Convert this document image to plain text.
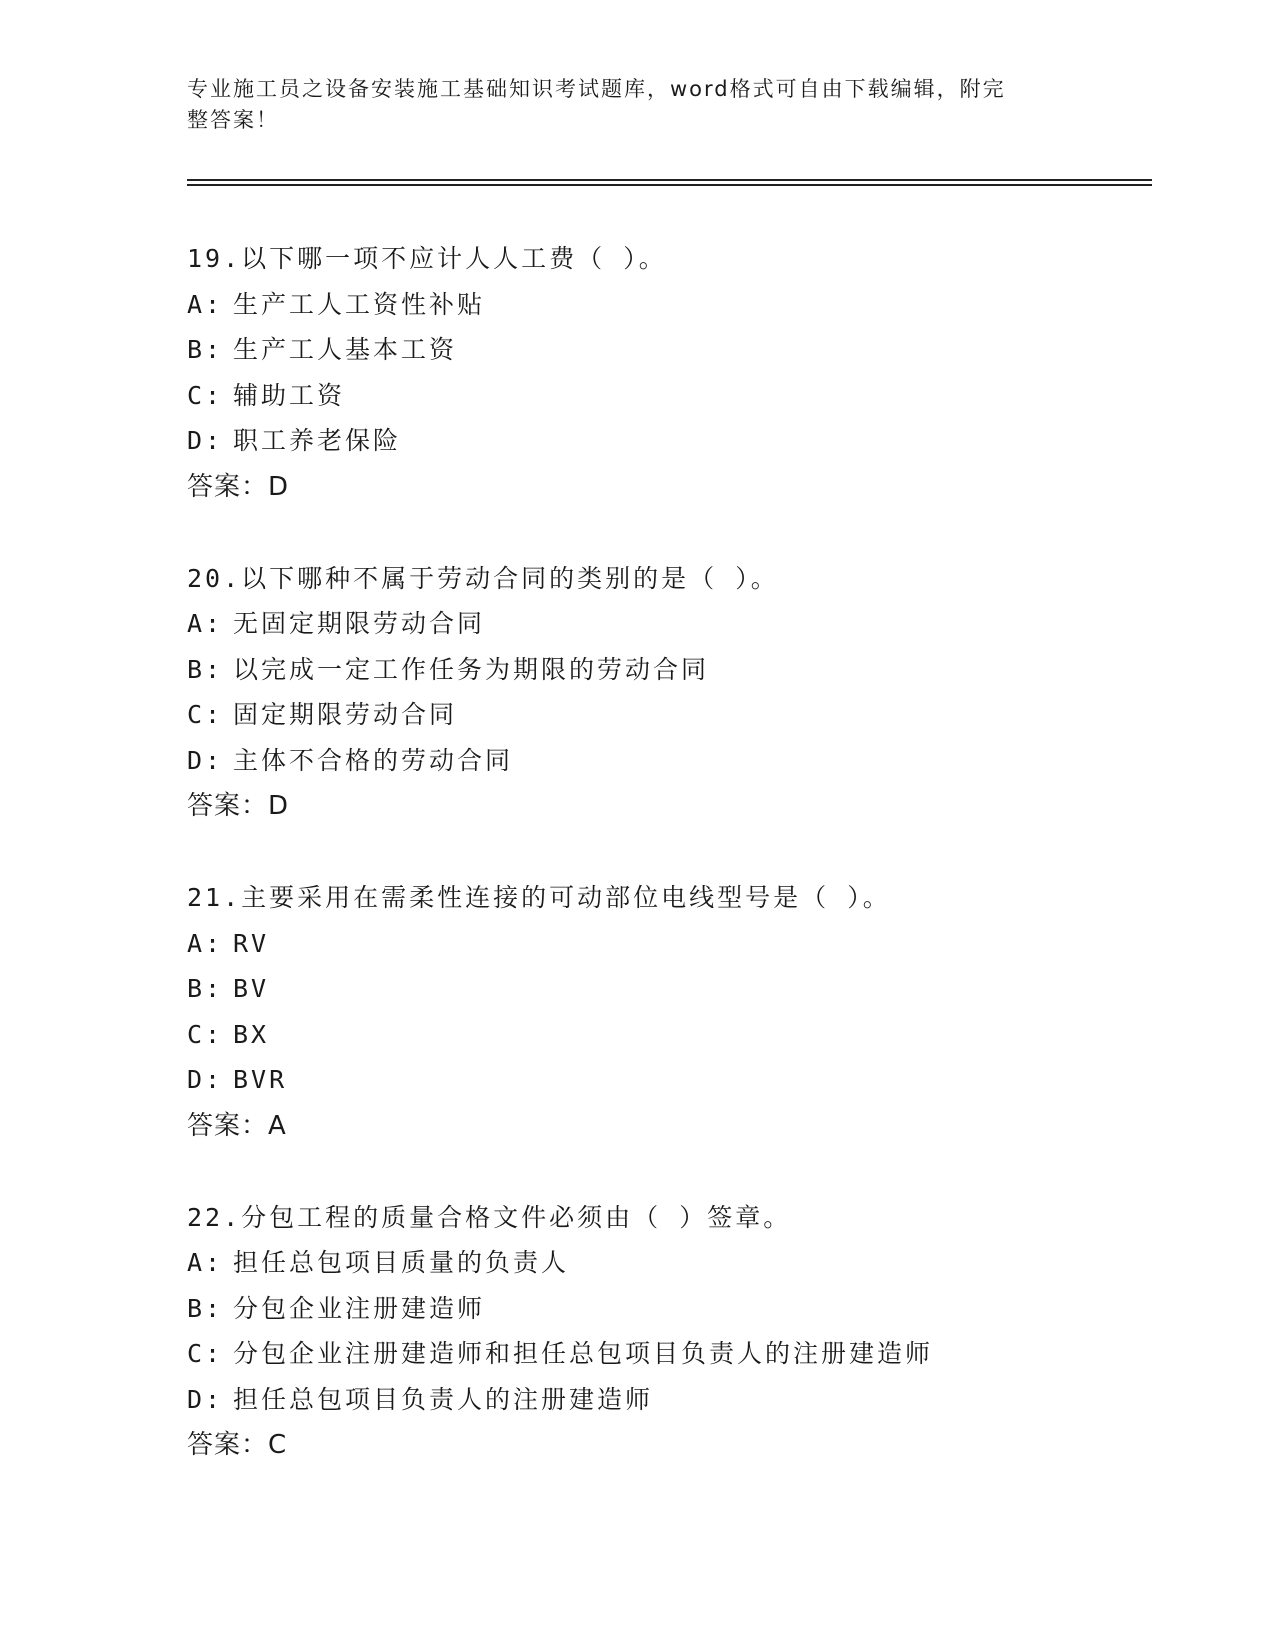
专业施工员之设备安装施工基础知识考试题库，word格式可自由下载编辑，附完
整答案！
19.以下哪一项不应计人人工费（ ）。
A: 生产工人工资性补贴
B: 生产工人基本工资
C: 辅助工资
D: 职工养老保险
答案：D
20.以下哪种不属于劳动合同的类别的是（ ）。
A: 无固定期限劳动合同
B: 以完成一定工作任务为期限的劳动合同
C: 固定期限劳动合同
D: 主体不合格的劳动合同
答案：D
21.主要采用在需柔性连接的可动部位电线型号是（ ）。
A: RV
B: BV
C: BX
D: BVR
答案：A
22.分包工程的质量合格文件必须由（ ）签章。
A: 担任总包项目质量的负责人
B: 分包企业注册建造师
C: 分包企业注册建造师和担任总包项目负责人的注册建造师
D: 担任总包项目负责人的注册建造师
答案：C
